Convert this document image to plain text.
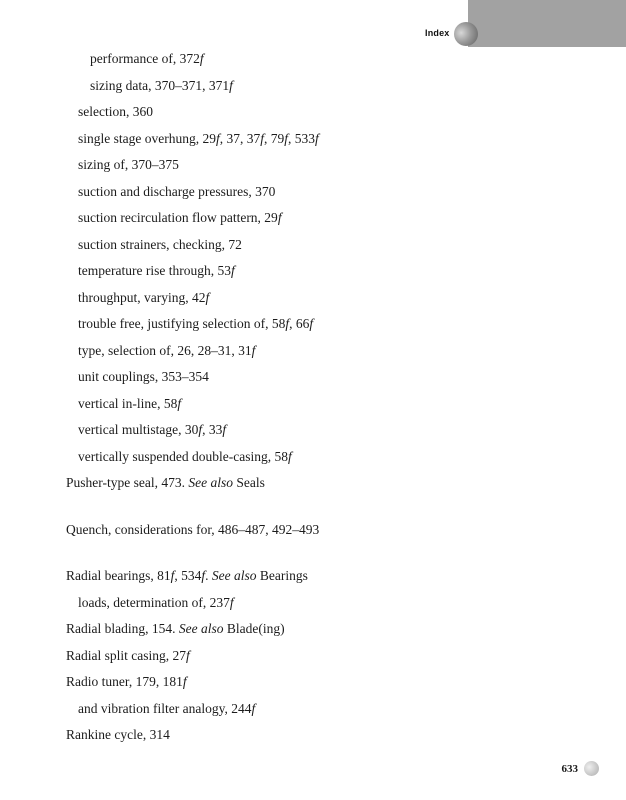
Index
performance of, 372f
sizing data, 370–371, 371f
selection, 360
single stage overhung, 29f, 37, 37f, 79f, 533f
sizing of, 370–375
suction and discharge pressures, 370
suction recirculation flow pattern, 29f
suction strainers, checking, 72
temperature rise through, 53f
throughput, varying, 42f
trouble free, justifying selection of, 58f, 66f
type, selection of, 26, 28–31, 31f
unit couplings, 353–354
vertical in-line, 58f
vertical multistage, 30f, 33f
vertically suspended double-casing, 58f
Pusher-type seal, 473. See also Seals
Quench, considerations for, 486–487, 492–493
Radial bearings, 81f, 534f. See also Bearings
loads, determination of, 237f
Radial blading, 154. See also Blade(ing)
Radial split casing, 27f
Radio tuner, 179, 181f
and vibration filter analogy, 244f
Rankine cycle, 314
633
